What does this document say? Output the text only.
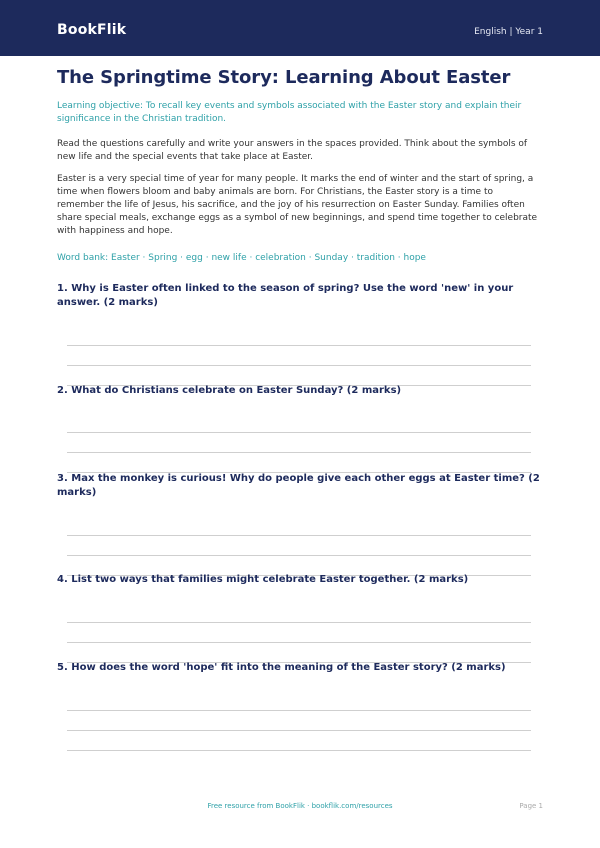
BookFlik	English | Year 1
The Springtime Story: Learning About Easter
Learning objective: To recall key events and symbols associated with the Easter story and explain their significance in the Christian tradition.
Read the questions carefully and write your answers in the spaces provided. Think about the symbols of new life and the special events that take place at Easter.
Easter is a very special time of year for many people. It marks the end of winter and the start of spring, a time when flowers bloom and baby animals are born. For Christians, the Easter story is a time to remember the life of Jesus, his sacrifice, and the joy of his resurrection on Easter Sunday. Families often share special meals, exchange eggs as a symbol of new beginnings, and spend time together to celebrate with happiness and hope.
Word bank: Easter · Spring · egg · new life · celebration · Sunday · tradition · hope
1. Why is Easter often linked to the season of spring? Use the word 'new' in your answer. (2 marks)
2. What do Christians celebrate on Easter Sunday? (2 marks)
3. Max the monkey is curious! Why do people give each other eggs at Easter time? (2 marks)
4. List two ways that families might celebrate Easter together. (2 marks)
5. How does the word 'hope' fit into the meaning of the Easter story? (2 marks)
Free resource from BookFlik · bookflik.com/resources	Page 1
